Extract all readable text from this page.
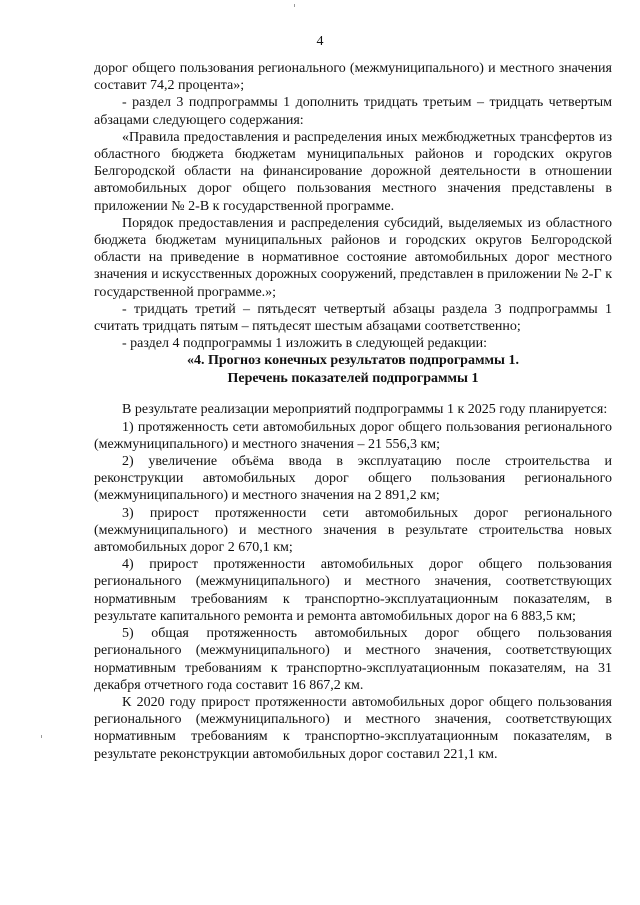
4

дорог общего пользования регионального (межмуниципального) и местного значения составит 74,2 процента»;

- раздел 3 подпрограммы 1 дополнить тридцать третьим – тридцать четвертым абзацами следующего содержания:

«Правила предоставления и распределения иных межбюджетных трансфертов из областного бюджета бюджетам муниципальных районов и городских округов Белгородской области на финансирование дорожной деятельности в отношении автомобильных дорог общего пользования местного значения представлены в приложении № 2-В к государственной программе.

Порядок предоставления и распределения субсидий, выделяемых из областного бюджета бюджетам муниципальных районов и городских округов Белгородской области на приведение в нормативное состояние автомобильных дорог местного значения и искусственных дорожных сооружений, представлен в приложении № 2-Г к государственной программе.»;

- тридцать третий – пятьдесят четвертый абзацы раздела 3 подпрограммы 1 считать тридцать пятым – пятьдесят шестым абзацами соответственно;

- раздел 4 подпрограммы 1 изложить в следующей редакции:

«4. Прогноз конечных результатов подпрограммы 1.

Перечень показателей подпрограммы 1

В результате реализации мероприятий подпрограммы 1 к 2025 году планируется:

1) протяженность сети автомобильных дорог общего пользования регионального (межмуниципального) и местного значения – 21 556,3 км;

2) увеличение объёма ввода в эксплуатацию после строительства и реконструкции автомобильных дорог общего пользования регионального (межмуниципального) и местного значения на 2 891,2 км;

3) прирост протяженности сети автомобильных дорог регионального (межмуниципального) и местного значения в результате строительства новых автомобильных дорог 2 670,1 км;

4) прирост протяженности автомобильных дорог общего пользования регионального (межмуниципального) и местного значения, соответствующих нормативным требованиям к транспортно-эксплуатационным показателям, в результате капитального ремонта и ремонта автомобильных дорог на 6 883,5 км;

5) общая протяженность автомобильных дорог общего пользования регионального (межмуниципального) и местного значения, соответствующих нормативным требованиям к транспортно-эксплуатационным показателям, на 31 декабря отчетного года составит 16 867,2 км.

К 2020 году прирост протяженности автомобильных дорог общего пользования регионального (межмуниципального) и местного значения, соответствующих нормативным требованиям к транспортно-эксплуатационным показателям, в результате реконструкции автомобильных дорог составил 221,1 км.
